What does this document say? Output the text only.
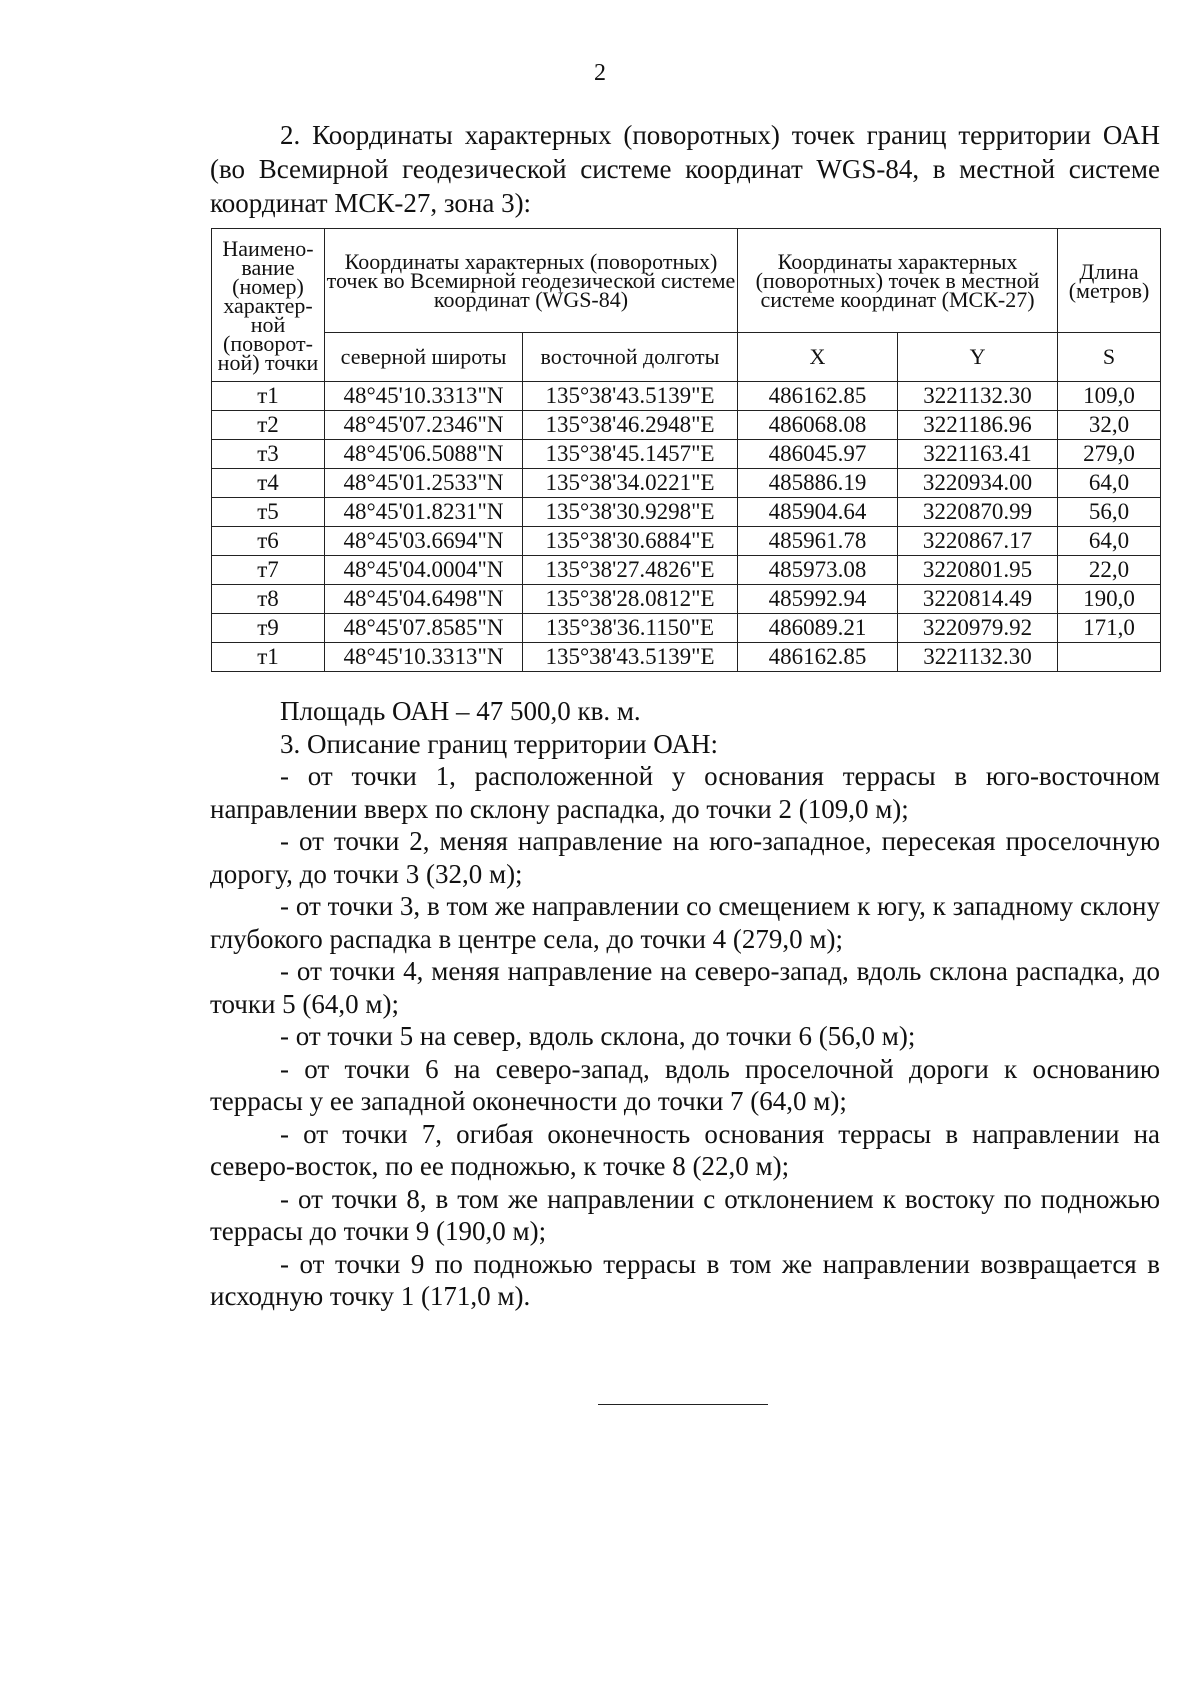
2
2. Координаты характерных (поворотных) точек границ территории ОАН (во Всемирной геодезической системе координат WGS-84, в местной системе координат МСК-27, зона 3):
Наимено-вание (номер) характер-ной (поворот-ной) точки	Координаты характерных (поворотных) точек во Всемирной геодезической системе координат (WGS-84)		Координаты характерных (поворотных) точек в местной системе координат (МСК-27)		Длина (метров)
	северной широты	восточной долготы	X	Y	S
т1	48°45'10.3313"N	135°38'43.5139"E	486162.85	3221132.30	109,0
т2	48°45'07.2346"N	135°38'46.2948"E	486068.08	3221186.96	32,0
т3	48°45'06.5088"N	135°38'45.1457"E	486045.97	3221163.41	279,0
т4	48°45'01.2533"N	135°38'34.0221"E	485886.19	3220934.00	64,0
т5	48°45'01.8231"N	135°38'30.9298"E	485904.64	3220870.99	56,0
т6	48°45'03.6694"N	135°38'30.6884"E	485961.78	3220867.17	64,0
т7	48°45'04.0004"N	135°38'27.4826"E	485973.08	3220801.95	22,0
т8	48°45'04.6498"N	135°38'28.0812"E	485992.94	3220814.49	190,0
т9	48°45'07.8585"N	135°38'36.1150"E	486089.21	3220979.92	171,0
т1	48°45'10.3313"N	135°38'43.5139"E	486162.85	3221132.30	

Площадь ОАН – 47 500,0 кв. м.

3. Описание границ территории ОАН:

- от точки 1, расположенной у основания террасы в юго-восточном направлении вверх по склону распадка, до точки 2 (109,0 м);

- от точки 2, меняя направление на юго-западное, пересекая проселочную дорогу, до точки 3 (32,0 м);

- от точки 3, в том же направлении со смещением к югу, к западному склону глубокого распадка в центре села, до точки 4 (279,0 м);

- от точки 4, меняя направление на северо-запад, вдоль склона распадка, до точки 5 (64,0 м);

- от точки 5 на север, вдоль склона, до точки 6 (56,0 м);

- от точки 6 на северо-запад, вдоль проселочной дороги к основанию террасы у ее западной оконечности до точки 7 (64,0 м);

- от точки 7, огибая оконечность основания террасы в направлении на северо-восток, по ее подножью, к точке 8 (22,0 м);

- от точки 8, в том же направлении с отклонением к востоку по подножью террасы до точки 9 (190,0 м);

- от точки 9 по подножью террасы в том же направлении возвращается в исходную точку 1 (171,0 м).
